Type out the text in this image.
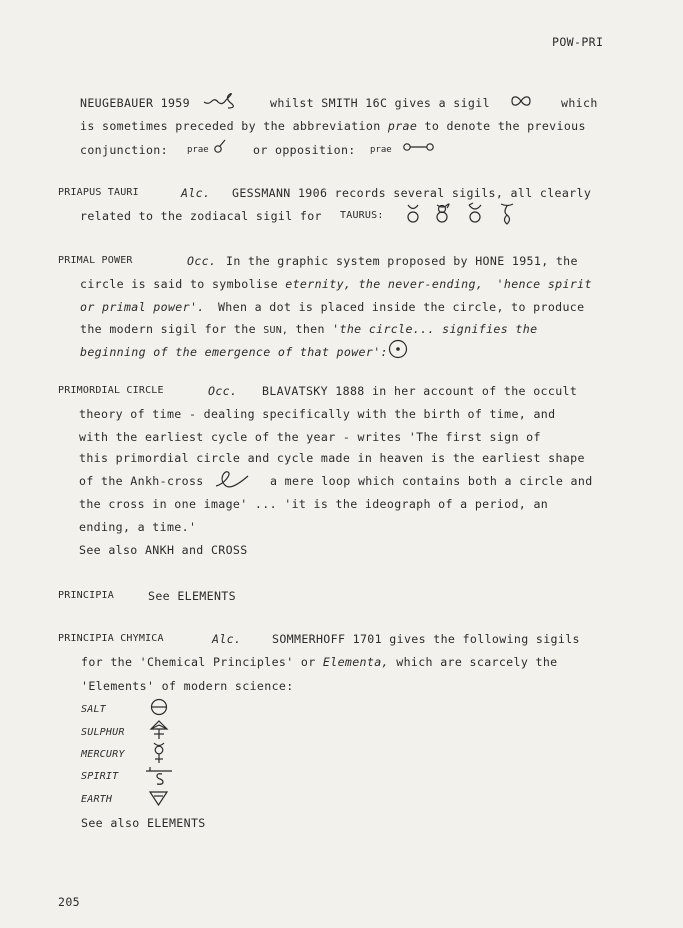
POW-PRI
NEUGEBAUER 1959	whilst SMITH 16C gives a sigil	which
is sometimes preceded by the abbreviation prae to denote the previous
conjunction: prae	or opposition: prae
PRIAPUS TAURI	Alc. GESSMANN 1906 records several sigils, all clearly
related to the zodiacal sigil for TAURUS:
PRIMAL POWER	Occ. In the graphic system proposed by HONE 1951, the
circle is said to symbolise eternity, the never-ending, 'hence spirit
or primal power'. When a dot is placed inside the circle, to produce
the modern sigil for the SUN, then 'the circle... signifies the
beginning of the emergence of that power':
PRIMORDIAL CIRCLE	Occ. BLAVATSKY 1888 in her account of the occult
theory of time - dealing specifically with the birth of time, and
with the earliest cycle of the year - writes 'The first sign of
this primordial circle and cycle made in heaven is the earliest shape
of the Ankh-cross	a mere loop which contains both a circle and
the cross in one image' ... 'it is the ideograph of a period, an
ending, a time.'
See also ANKH and CROSS
PRINCIPIA	See ELEMENTS
PRINCIPIA CHYMICA	Alc.	SOMMERHOFF 1701 gives the following sigils
for the 'Chemical Principles' or Elementa, which are scarcely the
'Elements' of modern science:
SALT
SULPHUR
MERCURY
SPIRIT
EARTH
See also ELEMENTS
205
